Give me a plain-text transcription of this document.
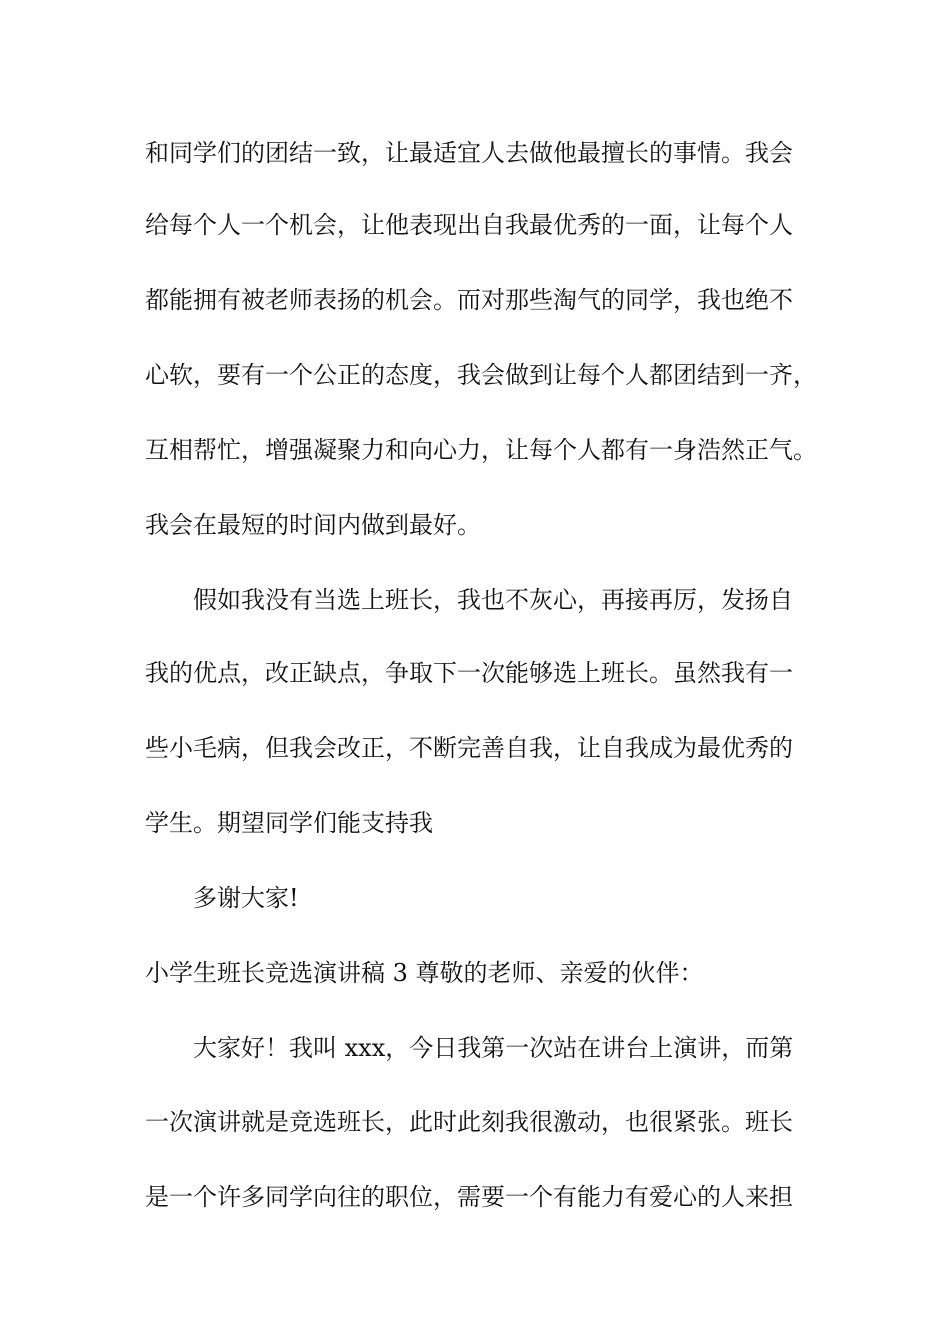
和同学们的团结一致，让最适宜人去做他最擅长的事情。我会
给每个人一个机会，让他表现出自我最优秀的一面，让每个人
都能拥有被老师表扬的机会。而对那些淘气的同学，我也绝不
心软，要有一个公正的态度，我会做到让每个人都团结到一齐，
互相帮忙，增强凝聚力和向心力，让每个人都有一身浩然正气。
我会在最短的时间内做到最好。
假如我没有当选上班长，我也不灰心，再接再厉，发扬自
我的优点，改正缺点，争取下一次能够选上班长。虽然我有一
些小毛病，但我会改正，不断完善自我，让自我成为最优秀的
学生。期望同学们能支持我
多谢大家!
小学生班长竞选演讲稿 3 尊敬的老师、亲爱的伙伴：
大家好！我叫 xxx，今日我第一次站在讲台上演讲，而第
一次演讲就是竞选班长，此时此刻我很激动，也很紧张。班长
是一个许多同学向往的职位，需要一个有能力有爱心的人来担
